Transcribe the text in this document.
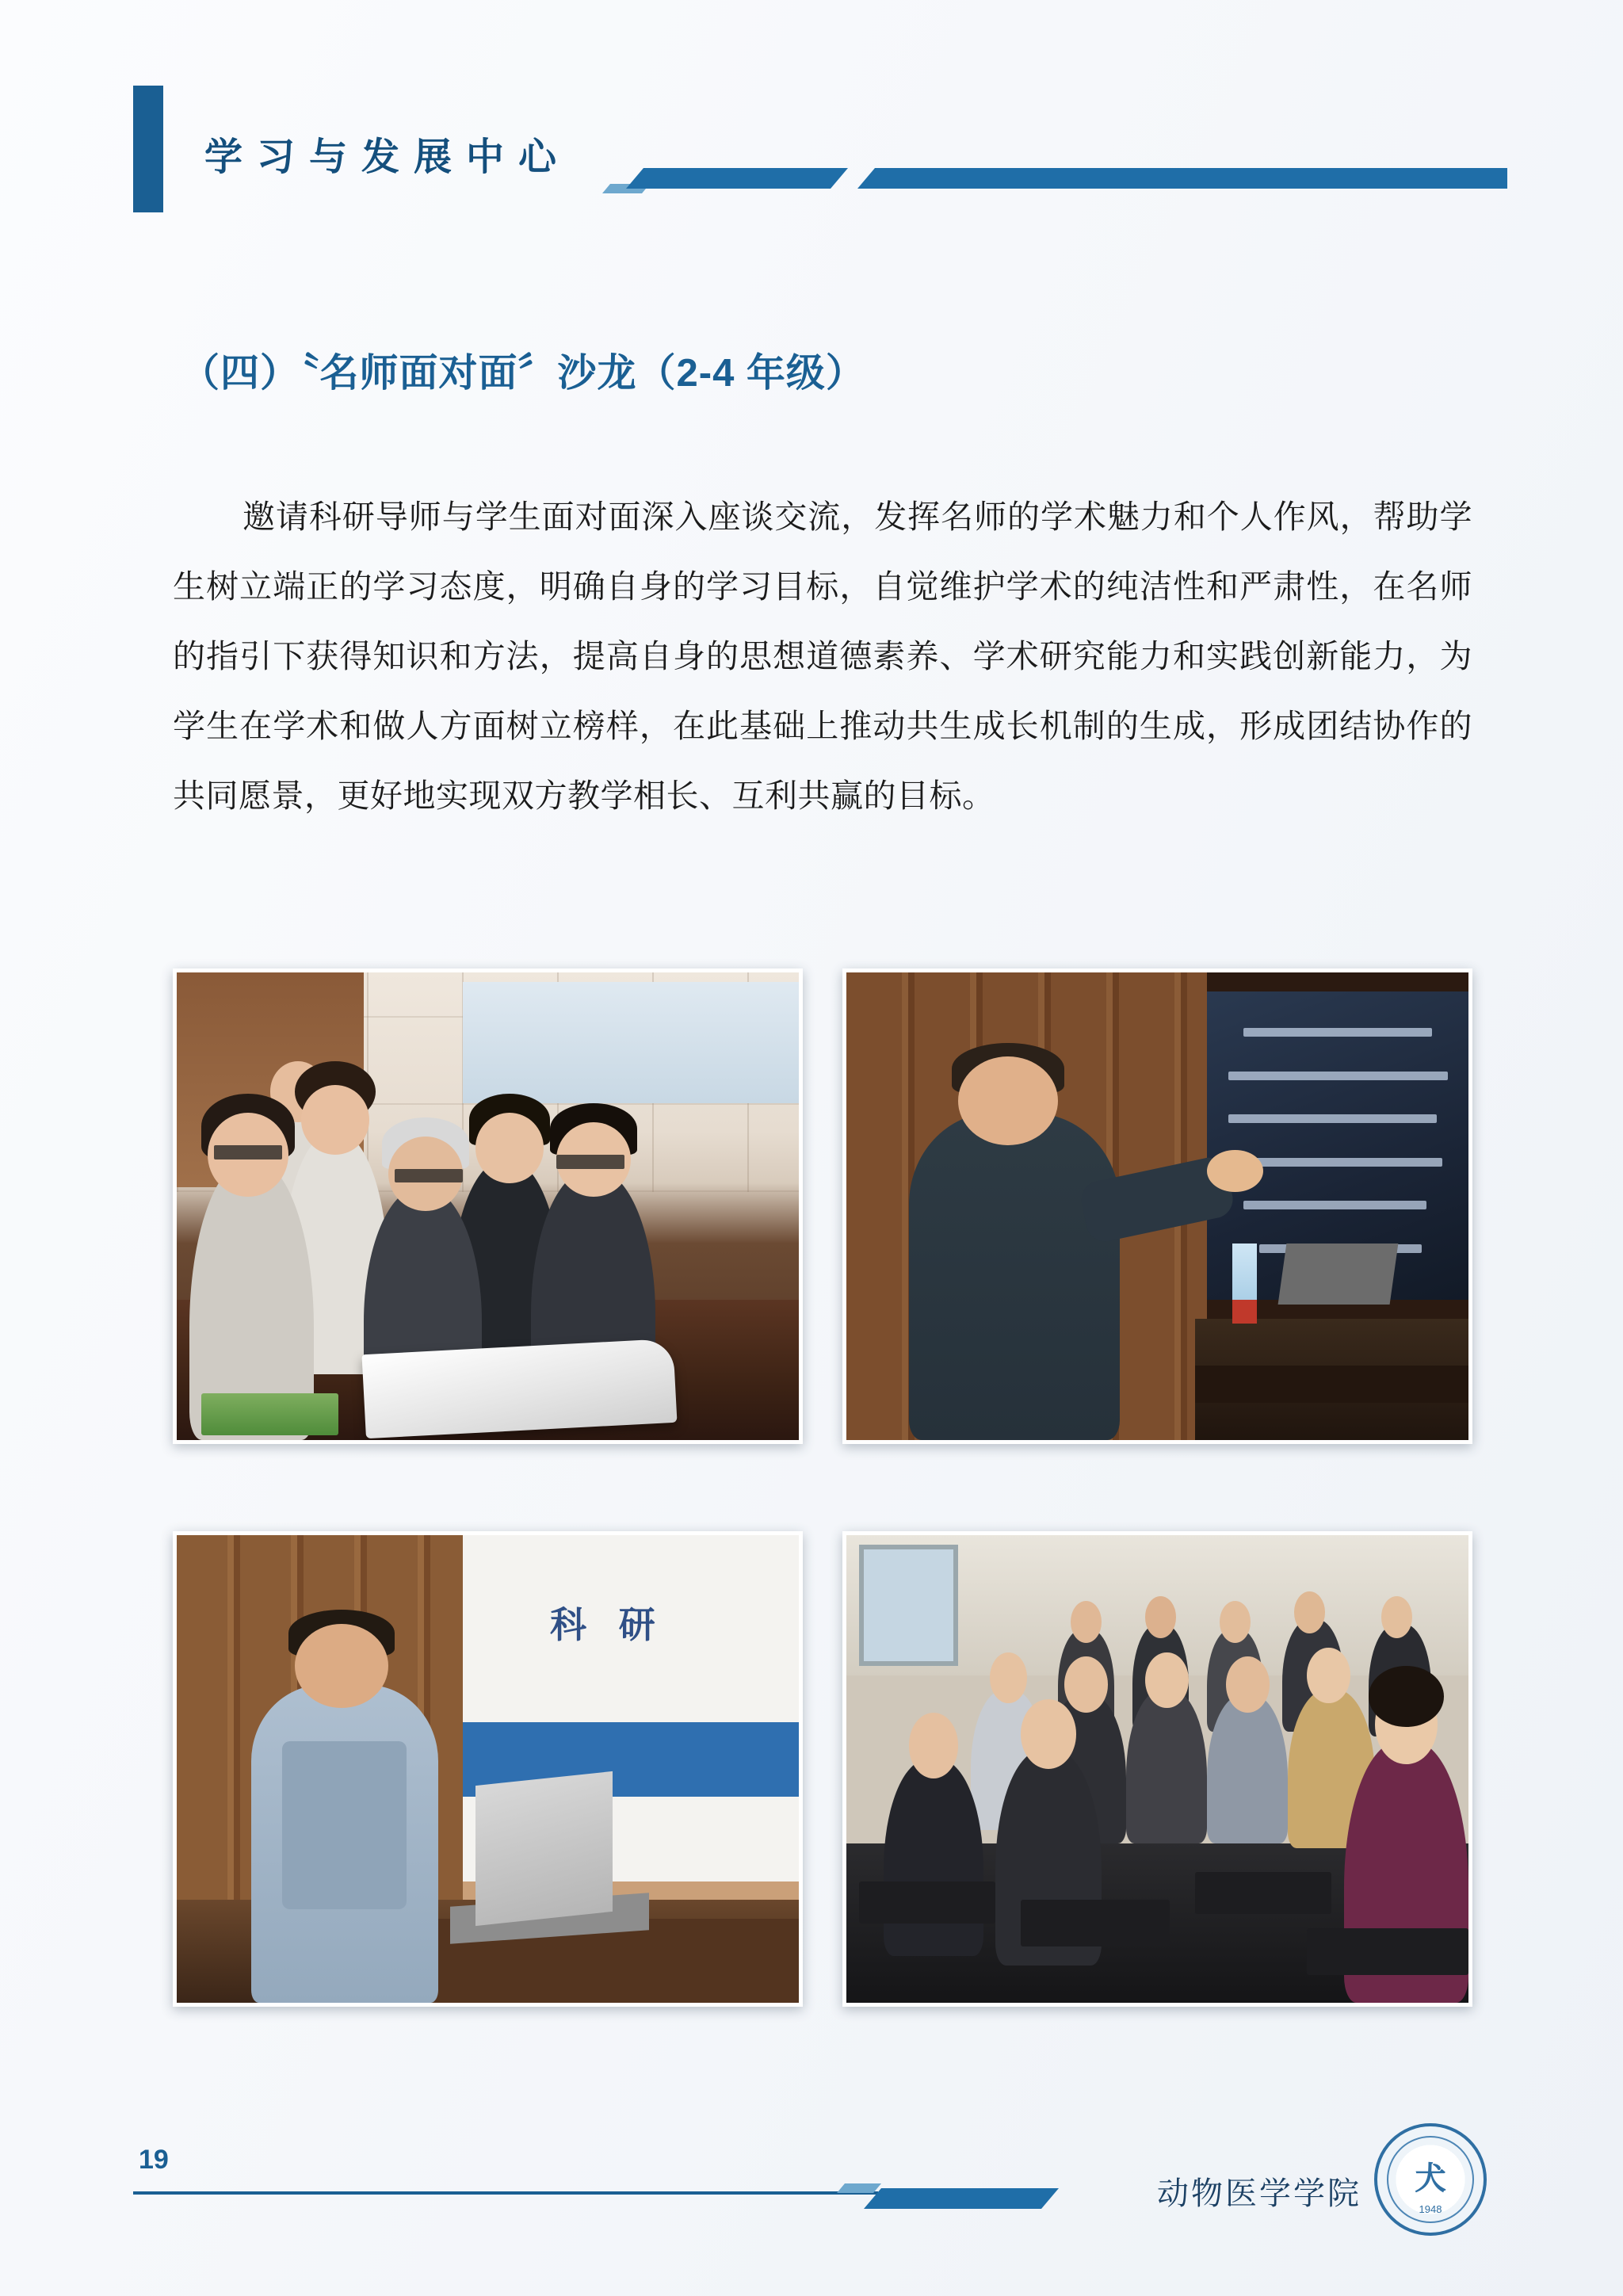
学习与发展中心
（四）〝名师面对面〞沙龙（2-4 年级）
邀请科研导师与学生面对面深入座谈交流，发挥名师的学术魅力和个人作风，帮助学生树立端正的学习态度，明确自身的学习目标，自觉维护学术的纯洁性和严肃性，在名师的指引下获得知识和方法，提高自身的思想道德素养、学术研究能力和实践创新能力，为学生在学术和做人方面树立榜样，在此基础上推动共生成长机制的生成，形成团结协作的共同愿景，更好地实现双方教学相长、互利共赢的目标。
科 研
19
动物医学学院	犬
1948
